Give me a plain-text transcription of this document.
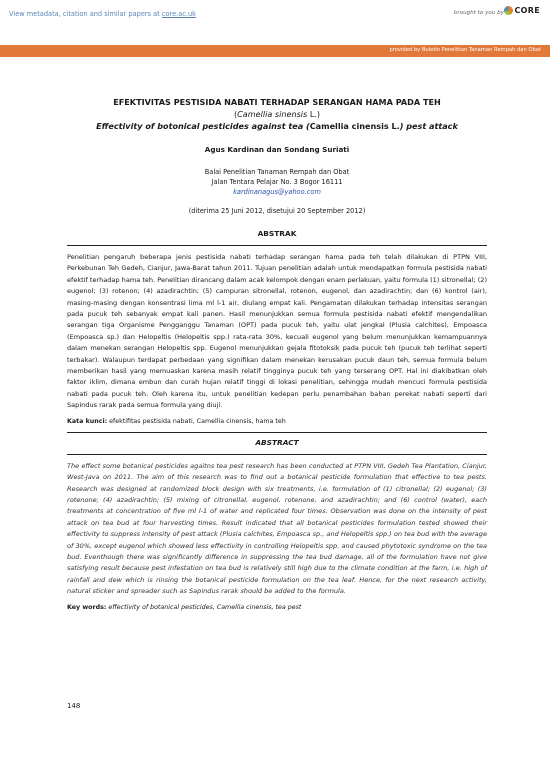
View metadata, citation and similar papers at core.ac.uk	brought to you by	CORE
provided by Buletin Penelitian Tanaman Rempah dan Obat

EFEKTIVITAS PESTISIDA NABATI TERHADAP SERANGAN HAMA PADA TEH

(Camellia sinensis L.)

Effectivity of botonical pesticides against tea (Camellia cinensis L.) pest attack

Agus Kardinan dan Sondang Suriati
Balai Penelitian Tanaman Rempah dan Obat
Jalan Tentara Pelajar No. 3 Bogor 16111
kardinanagus@yahoo.com
(diterima 25 Juni 2012, disetujui 20 September 2012)
ABSTRAK

Penelitian pengaruh beberapa jenis pestisida nabati terhadap serangan hama pada teh telah dilakukan di PTPN VIII, Perkebunan Teh Gedeh, Cianjur, Jawa-Barat tahun 2011. Tujuan penelitian adalah untuk mendapatkan formula pestisida nabati efektif terhadap hama teh. Penelitian dirancang dalam acak kelompok dengan enam perlakuan, yaitu formula (1) sitronellal; (2) eugenol; (3) rotenon; (4) azadirachtin; (5) campuran sitronellal, rotenon, eugenol, dan azadirachtin; dan (6) kontrol (air), masing-masing dengan konsentrasi lima ml l-1 air, diulang empat kali. Pengamatan dilakukan terhadap intensitas serangan pada pucuk teh sebanyak empat kali panen. Hasil menunjukkan semua formula pestisida nabati efektif mengendalikan serangan tiga Organisme Pengganggu Tanaman (OPT) pada pucuk teh, yaitu ulat jengkal (Plusia calchites), Empoasca (Empoasca sp.) dan Helopeltis (Helopeltis spp.) rata-rata 30%, kecuali eugenol yang belum menunjukkan kemampuannya dalam menekan serangan Helopeltis spp. Eugenol menunjukkan gejala fitotoksik pada pucuk teh (pucuk teh terlihat seperti terbakar). Walaupun terdapat perbedaan yang signifikan dalam menekan kerusakan pucuk daun teh, semua formula belum memberikan hasil yang memuaskan karena masih relatif tingginya pucuk teh yang terserang OPT. Hal ini diakibatkan oleh faktor iklim, dimana embun dan curah hujan relatif tinggi di lokasi penelitian, sehingga mudah mencuci formula pestisida nabati pada pucuk teh. Oleh karena itu, untuk penelitian kedepan perlu penambahan bahan perekat nabati seperti dari Sapindus rarak pada semua formula yang diuji.

Kata kunci: efektifitas pestisida nabati, Camellia cinensis, hama teh
ABSTRACT

The effect some botanical pesticides agaitns tea pest research has been conducted at PTPN VIII, Gedeh Tea Plantation, Cianjur, West-Java on 2011. The aim of this research was to find out a botanical pesticide formulation that effective to tea pests. Research was designed at randomized block design with six treatments, i.e. formulation of (1) citronellal; (2) eugenol; (3) rotenone; (4) azadirachtin; (5) mixing of citronellal, eugenol, rotenone, and azadirachtin; and (6) control (water), each treatments at concentration of five ml l-1 of water and replicated four times. Observation was done on the intensity of pest attack on tea bud at four harvesting times. Result indicated that all botanical pesticides formulation tested showed their effectivity to suppress intensity of pest attack (Plusia calchites, Empoasca sp., and Helopeltis spp.) on tea bud with the average of 30%, except eugenol which showed less effectivity in controlling Helopeltis spp. and caused phytotoxic syndrome on the tea bud. Eventhough there was significantly difference in suppressing the tea bud damage, all of the formulation have not give satisfying result because pest infestation on tea bud is relatively still high due to the climate condition at the farm, i.e. high of rainfall and dew which is rinsing the botanical pesticide formulation on the tea leaf. Hence, for the next research activity, natural sticker and spreader such as Sapindus rarak should be added to the formula.

Key words: effectivity of botanical pesticides, Camellia cinensis, tea pest
148
